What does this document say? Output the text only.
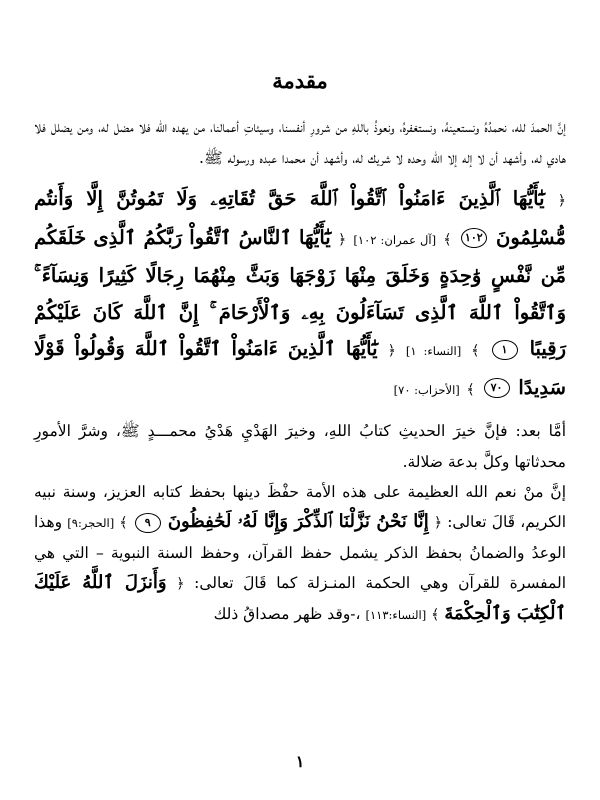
مقدمة

إنَّ الحمدَ لله، نحمدُهُ ونستعينهُ، ونستغفرهُ، ونعوذُ باللهِ من شرورِ أنفسنا، وسيئاتِ أعمالنا، من يهده الله فلا مضل له، ومن يضلل فلا هادي له، وأشهد أن لا إله إلا الله وحده لا شريك له، وأشهد أن محمدا عبده ورسوله ﷺ.

﴿ يَٰٓأَيُّهَا ٱلَّذِينَ ءَامَنُواْ ٱتَّقُواْ ٱللَّهَ حَقَّ تُقَاتِهِۦ وَلَا تَمُوتُنَّ إِلَّا وَأَنتُم مُّسْلِمُونَ ١٠٢ ﴾ [آل عمران: ١٠٢] ﴿ يَٰٓأَيُّهَا ٱلنَّاسُ ٱتَّقُواْ رَبَّكُمُ ٱلَّذِى خَلَقَكُم مِّن نَّفْسٍ وَٰحِدَةٍ وَخَلَقَ مِنْهَا زَوْجَهَا وَبَثَّ مِنْهُمَا رِجَالًا كَثِيرًا وَنِسَآءً ۚ وَٱتَّقُواْ ٱللَّهَ ٱلَّذِى تَسَآءَلُونَ بِهِۦ وَٱلْأَرْحَامَ ۚ إِنَّ ٱللَّهَ كَانَ عَلَيْكُمْ رَقِيبًا ١ ﴾ [النساء: ١] ﴿ يَٰٓأَيُّهَا ٱلَّذِينَ ءَامَنُواْ ٱتَّقُواْ ٱللَّهَ وَقُولُواْ قَوْلًا سَدِيدًا ٧٠ ﴾ [الأحزاب: ٧٠]

أمَّا بعد: فإنَّ خيرَ الحديثِ كتابُ اللهِ، وخيرَ الهَدْيِ هَدْيُ محمـــدٍ ﷺ، وشرَّ الأمورِ محدثاتها وكلَّ بدعة ضلالة.

إنَّ منْ نعم الله العظيمة على هذه الأمة حفْظَ دينها بحفظ كتابه العزيز، وسنة نبيه الكريم، قَالَ تعالى: ﴿ إِنَّا نَحْنُ نَزَّلْنَا ٱلذِّكْرَ وَإِنَّا لَهُۥ لَحَٰفِظُونَ ٩ ﴾ [الحجر:٩] وهذا الوعدُ والضمانُ بحفظ الذكر يشمل حفظ القرآن، وحفظ السنة النبوية – التي هي المفسرة للقرآن وهي الحكمة المنـزلة كما قَالَ تعالى: ﴿ وَأَنزَلَ ٱللَّهُ عَلَيْكَ ٱلْكِتَٰبَ وَٱلْحِكْمَةَ ﴾ [النساء:١١٣] ،-وقد ظهر مصداقُ ذلك

١
